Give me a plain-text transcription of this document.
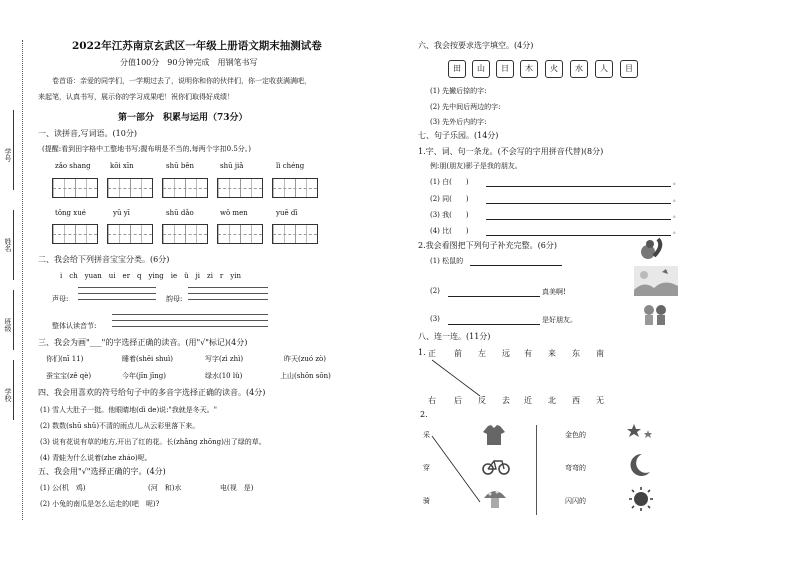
学号
姓名
班级
学校
2022年江苏南京玄武区一年级上册语文期末抽测试卷
分值100分　90分钟完成　用钢笔书写
卷首语：亲爱的同学们，一学期过去了，说明你和你的伙伴们，你一定收获满满吧，
来起笔，认真书写，展示你的学习成果吧！祝你们取得好成绩！
第一部分　积累与运用（73分）
一、读拼音,写词语。(10分)
(提醒:看到田字格中工整地书写;握布明是不当的,每两个字扣0.5分。)
zǎo shang	kōi xīn	shū běn	shū jiǎ	lì chéng
tǒng xué	yū yī	shū dǎo	wǒ men	yuē dī
二、我会给下列拼音宝宝分类。(6分)
i　ch　yuan　ui　er　q　ying　ie　ü　ji　zi　r　yin
声母:	韵母:
整体认读音节:
三、我会为画"___"的字选择正确的读音。(用"√"标记)(4分)
你们(nī 11)	睡着(shēi shuì)	写字(zì zhì)	昨天(zuó zò)
蚕宝宝(zě qè)	今年(jīn jīng)	绿水(10 lü)	上山(shōn sōn)
四、我会用喜欢的符号给句子中的多音字选择正确的读音。(4分)
(1) 雪人大肚子一挺。他眼睛地(dì de)说:"我就是冬天。"
(2) 数数(shū shǔ)不清的雨点儿,从云彩里落下来。
(3) 说有花说有草的地方,开出了红的花。长(zhǎng zhōng)出了绿的草。
(4) 青蛙为什么说着(zhe zháo)呢。
五、我会用"√"选择正确的字。(4分)
(1) 公(机　鸡)	(河　和)水	电(视　是)
(2) 小兔的南瓜是怎么运走的(吧　呢)?
六、我会按要求选字填空。(4分)
田	山	日	木	火	水	人	目
(1) 先撇后捺的字:
(2) 先中间后两边的字:
(3) 先外后内的字:
七、句子乐园。(14分)
1.字、词、句一条龙。(不会写的字用拼音代替)(8分)
例:朋(朋友)影子是我的朋友。
(1) 白(　　)	。
(2) 同(　　)	。
(3) 我(　　)	。
(4) 比(　　)	。
2.我会看图把下列句子补充完整。(6分)
(1) 松鼠的
(2)	真美啊!
(3)	是好朋友。
八、连一连。(11分)
1. 正 前 左 远 有 来 东 南
右 后 反 去 近 北 西 无
2.
采
穿
骑
金色的
弯弯的
闪闪的
